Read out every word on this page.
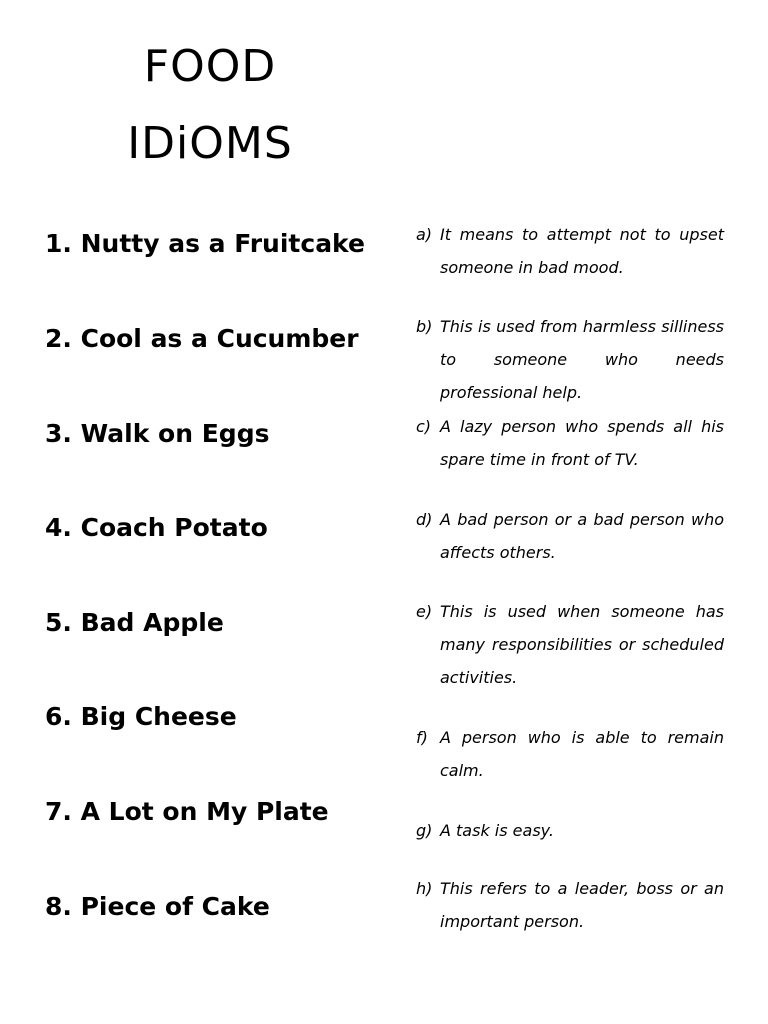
FOOD
IDiOMS
1. Nutty as a Fruitcake
2. Cool as a Cucumber
3. Walk on Eggs
4. Coach Potato
5. Bad Apple
6. Big Cheese
7. A Lot on My Plate
8. Piece of Cake
a) It means to attempt not to upset someone in bad mood.
b) This is used from harmless silliness to someone who needs professional help.
c) A lazy person who spends all his spare time in front of TV.
d) A bad person or a bad person who affects others.
e) This is used when someone has many responsibilities or scheduled activities.
f) A person who is able to remain calm.
g) A task is easy.
h) This refers to a leader, boss or an important person.
